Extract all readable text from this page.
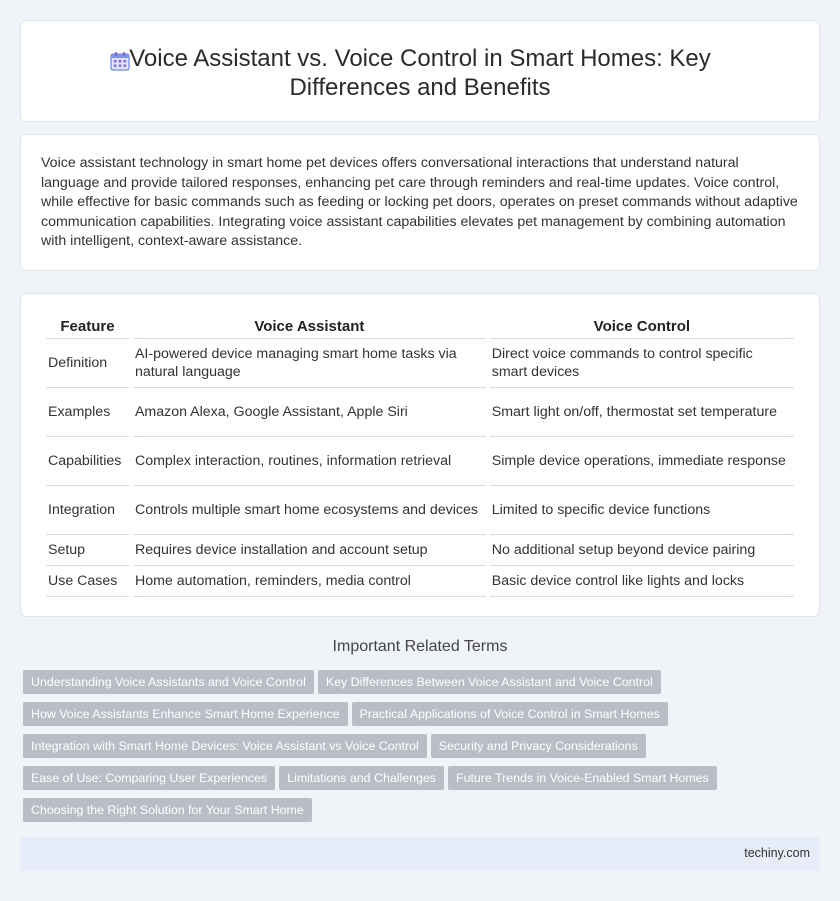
Voice Assistant vs. Voice Control in Smart Homes: Key
Differences and Benefits

Voice assistant technology in smart home pet devices offers conversational interactions that understand natural language and provide tailored responses, enhancing pet care through reminders and real-time updates. Voice control, while effective for basic commands such as feeding or locking pet doors, operates on preset commands without adaptive communication capabilities. Integrating voice assistant capabilities elevates pet management by combining automation with intelligent, context-aware assistance.

Feature	Voice Assistant	Voice Control
Definition	AI-powered device managing smart home tasks via natural language	Direct voice commands to control specific smart devices
Examples	Amazon Alexa, Google Assistant, Apple Siri	Smart light on/off, thermostat set temperature
Capabilities	Complex interaction, routines, information retrieval	Simple device operations, immediate response
Integration	Controls multiple smart home ecosystems and devices	Limited to specific device functions
Setup	Requires device installation and account setup	No additional setup beyond device pairing
Use Cases	Home automation, reminders, media control	Basic device control like lights and locks
Important Related Terms
Understanding Voice Assistants and Voice Control Key Differences Between Voice Assistant and Voice Control
How Voice Assistants Enhance Smart Home Experience Practical Applications of Voice Control in Smart Homes
Integration with Smart Home Devices: Voice Assistant vs Voice Control Security and Privacy Considerations
Ease of Use: Comparing User Experiences Limitations and Challenges Future Trends in Voice-Enabled Smart Homes
Choosing the Right Solution for Your Smart Home
techiny.com
